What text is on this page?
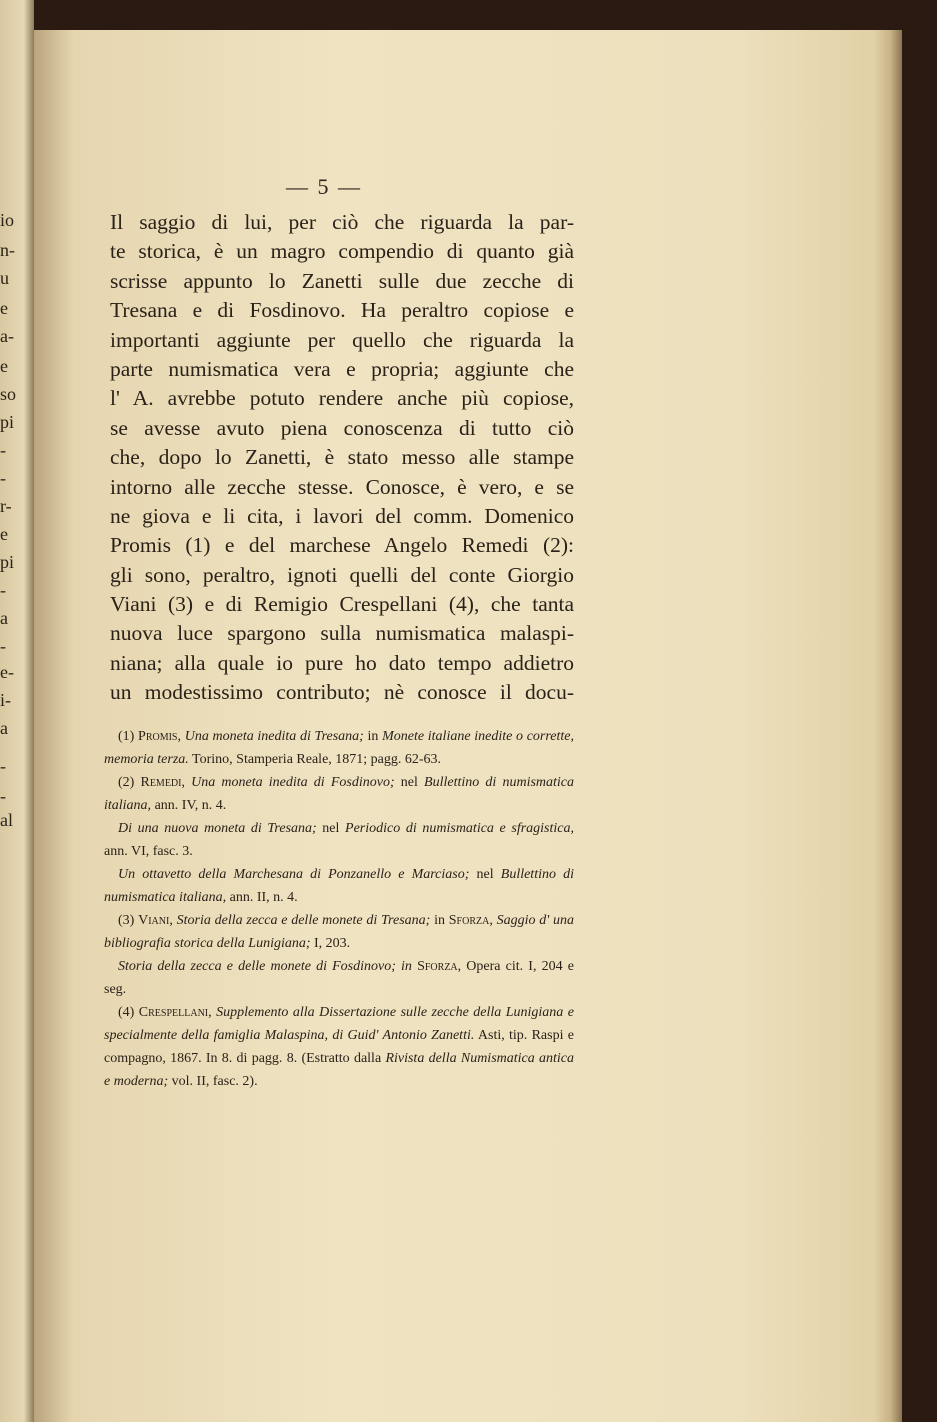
io
n-
u
e
a-
e
so
pi
-
-
r-
e
pi
-
a
-
e-
i-
a
-
-
al
— 5 —
Il saggio di lui, per ciò che riguarda la par-
te storica, è un magro compendio di quanto già
scrisse appunto lo Zanetti sulle due zecche di
Tresana e di Fosdinovo. Ha peraltro copiose e
importanti aggiunte per quello che riguarda la
parte numismatica vera e propria; aggiunte che
l' A. avrebbe potuto rendere anche più copiose,
se avesse avuto piena conoscenza di tutto ciò
che, dopo lo Zanetti, è stato messo alle stampe
intorno alle zecche stesse. Conosce, è vero, e se
ne giova e li cita, i lavori del comm. Domenico
Promis (1) e del marchese Angelo Remedi (2):
gli sono, peraltro, ignoti quelli del conte Giorgio
Viani (3) e di Remigio Crespellani (4), che tanta
nuova luce spargono sulla numismatica malaspi-
niana; alla quale io pure ho dato tempo addietro
un modestissimo contributo; nè conosce il docu-

(1) Promis, Una moneta inedita di Tresana; in Monete italiane inedite o corrette, memoria terza. Torino, Stamperia Reale, 1871; pagg. 62-63.

(2) Remedi, Una moneta inedita di Fosdinovo; nel Bullettino di numismatica italiana, ann. IV, n. 4.

Di una nuova moneta di Tresana; nel Periodico di numismatica e sfragistica, ann. VI, fasc. 3.

Un ottavetto della Marchesana di Ponzanello e Marciaso; nel Bullettino di numismatica italiana, ann. II, n. 4.

(3) Viani, Storia della zecca e delle monete di Tresana; in Sforza, Saggio d' una bibliografia storica della Lunigiana; I, 203.

Storia della zecca e delle monete di Fosdinovo; in Sforza, Opera cit. I, 204 e seg.

(4) Crespellani, Supplemento alla Dissertazione sulle zecche della Lunigiana e specialmente della famiglia Malaspina, di Guid' Antonio Zanetti. Asti, tip. Raspi e compagno, 1867. In 8. di pagg. 8. (Estratto dalla Rivista della Numismatica antica e moderna; vol. II, fasc. 2).
